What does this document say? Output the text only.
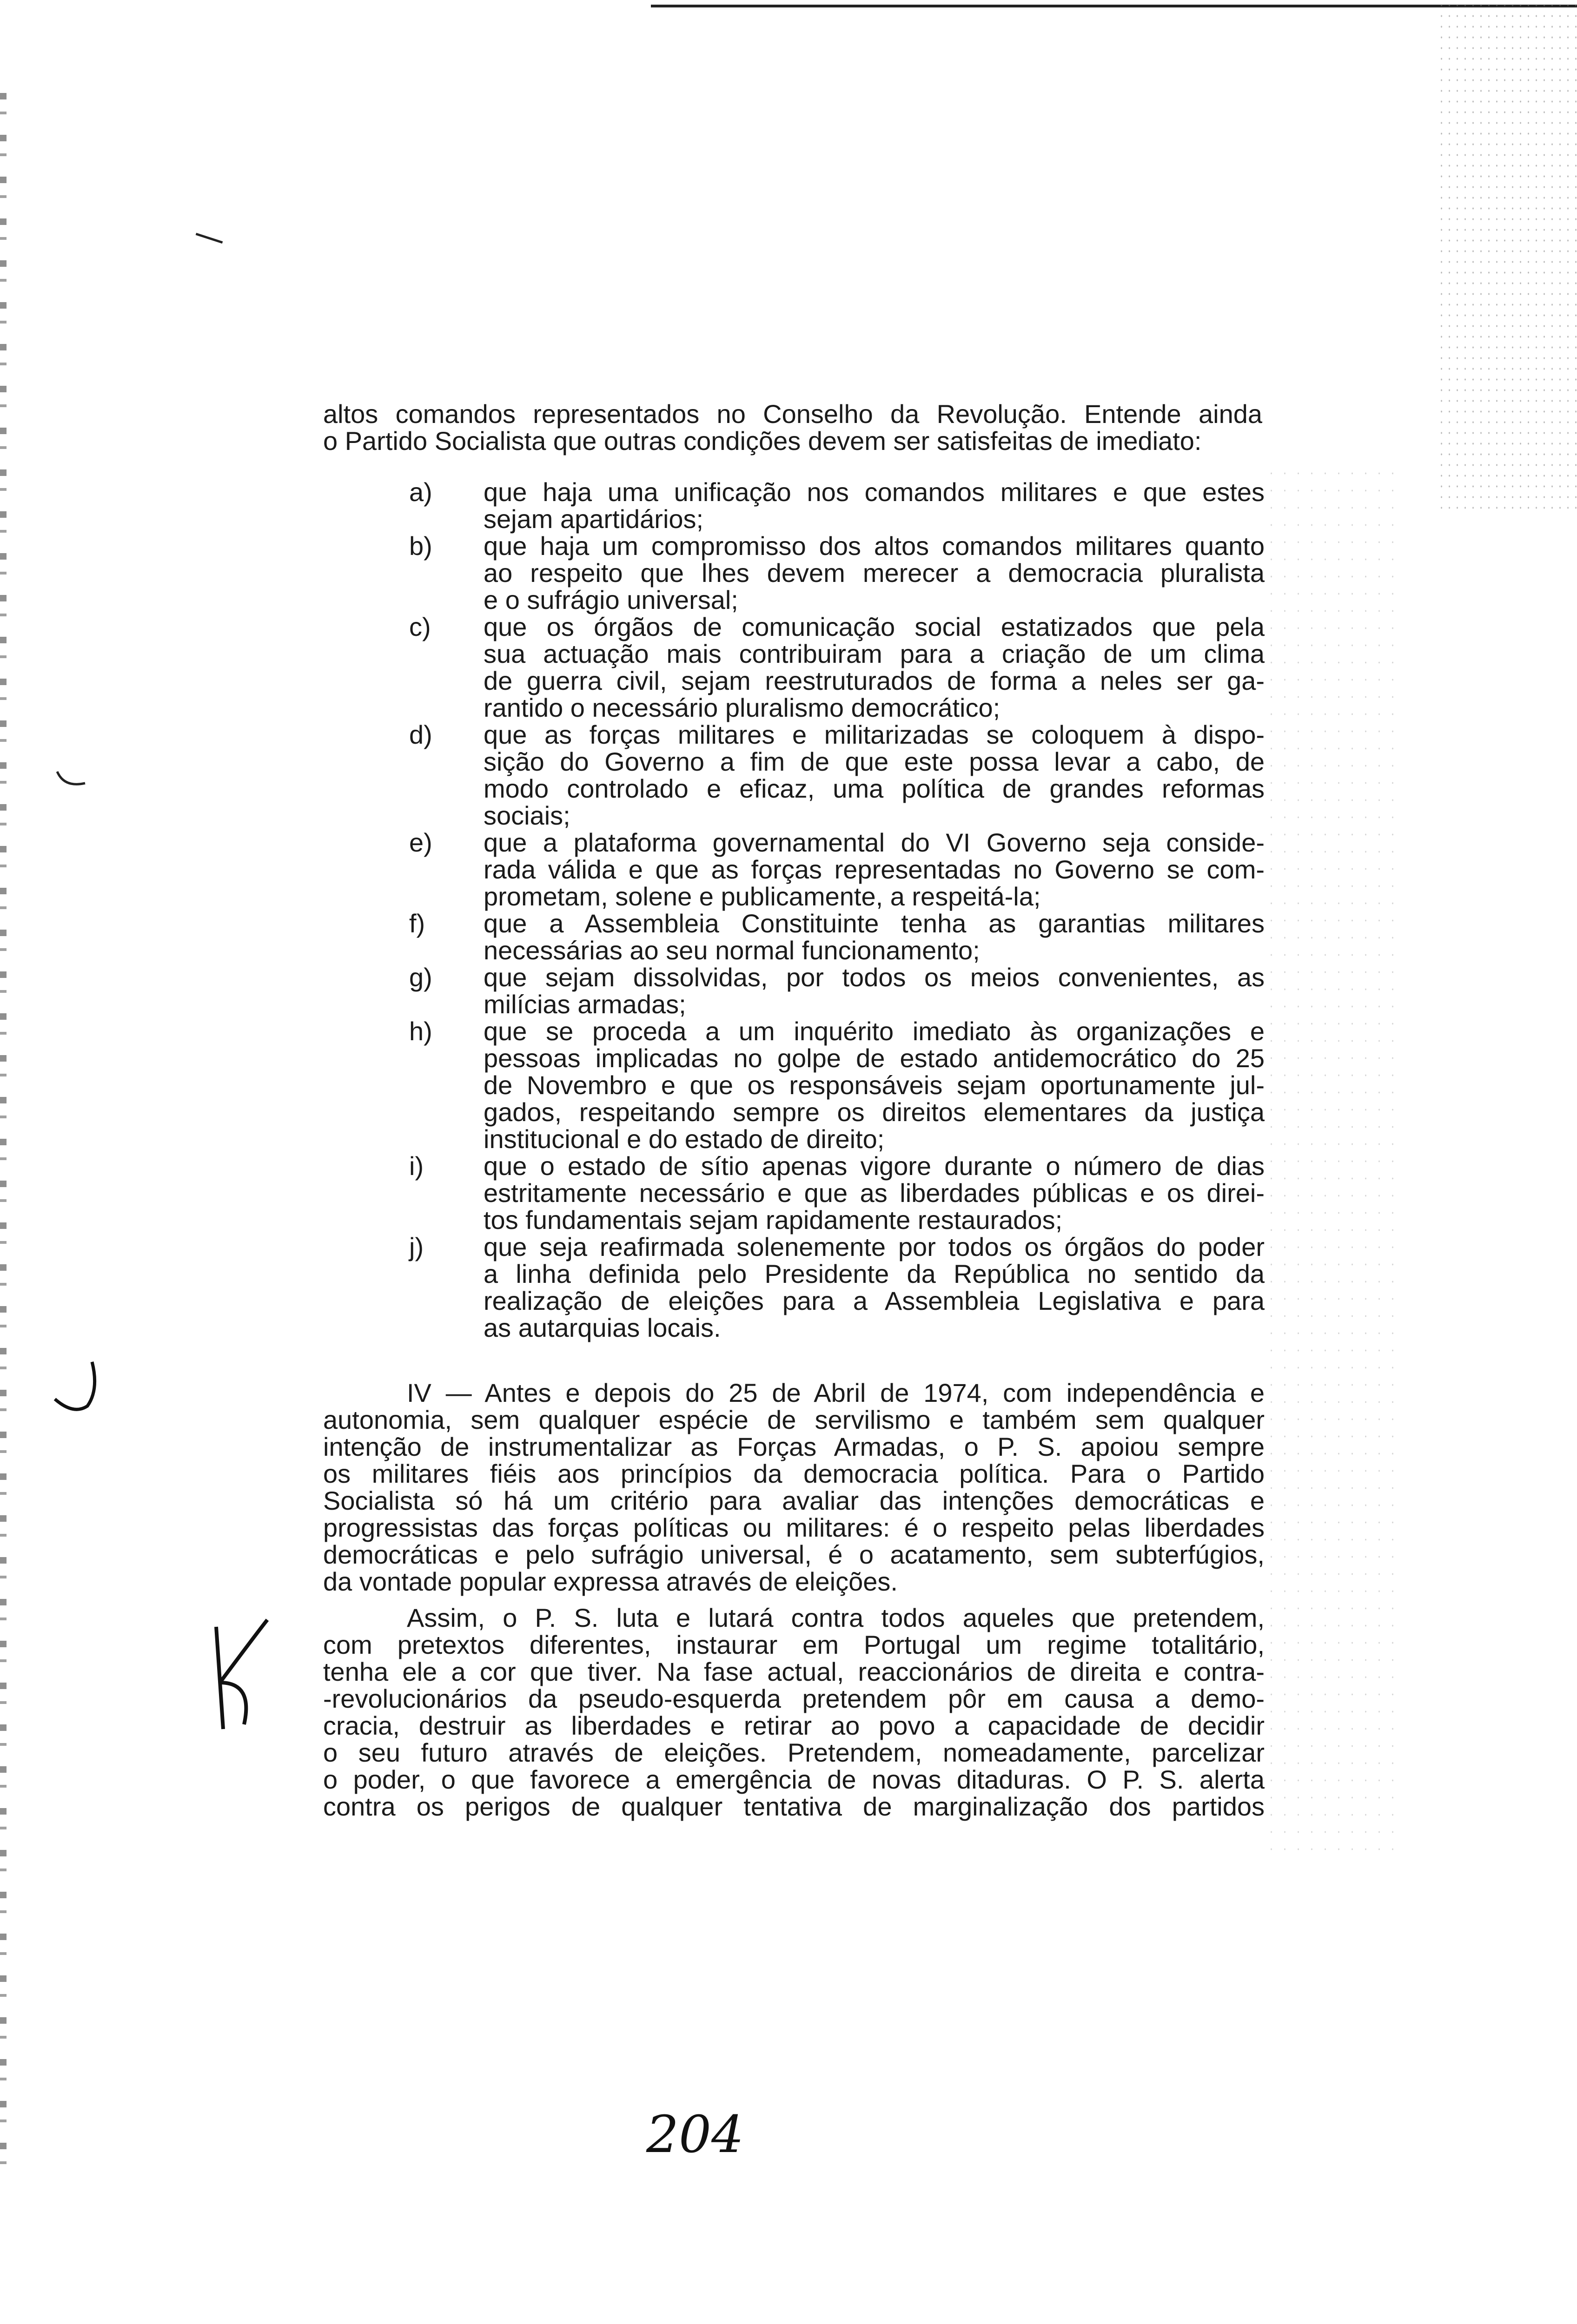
altos comandos representados no Conselho da Revolução. Entende ainda
o Partido Socialista que outras condições devem ser satisfeitas de imediato:
a)	que haja uma unificação nos comandos militares e que estes
sejam apartidários;
b)	que haja um compromisso dos altos comandos militares quanto
ao respeito que lhes devem merecer a democracia pluralista
e o sufrágio universal;
c)	que os órgãos de comunicação social estatizados que pela
sua actuação mais contribuiram para a criação de um clima
de guerra civil, sejam reestruturados de forma a neles ser ga-
rantido o necessário pluralismo democrático;
d)	que as forças militares e militarizadas se coloquem à dispo-
sição do Governo a fim de que este possa levar a cabo, de
modo controlado e eficaz, uma política de grandes reformas
sociais;
e)	que a plataforma governamental do VI Governo seja conside-
rada válida e que as forças representadas no Governo se com-
prometam, solene e publicamente, a respeitá-la;
f)	que a Assembleia Constituinte tenha as garantias militares
necessárias ao seu normal funcionamento;
g)	que sejam dissolvidas, por todos os meios convenientes, as
milícias armadas;
h)	que se proceda a um inquérito imediato às organizações e
pessoas implicadas no golpe de estado antidemocrático do 25
de Novembro e que os responsáveis sejam oportunamente jul-
gados, respeitando sempre os direitos elementares da justiça
institucional e do estado de direito;
i)	que o estado de sítio apenas vigore durante o número de dias
estritamente necessário e que as liberdades públicas e os direi-
tos fundamentais sejam rapidamente restaurados;
j)	que seja reafirmada solenemente por todos os órgãos do poder
a linha definida pelo Presidente da República no sentido da
realização de eleições para a Assembleia Legislativa e para
as autarquias locais.
IV — Antes e depois do 25 de Abril de 1974, com independência e
autonomia, sem qualquer espécie de servilismo e também sem qualquer
intenção de instrumentalizar as Forças Armadas, o P. S. apoiou sempre
os militares fiéis aos princípios da democracia política. Para o Partido
Socialista só há um critério para avaliar das intenções democráticas e
progressistas das forças políticas ou militares: é o respeito pelas liberdades
democráticas e pelo sufrágio universal, é o acatamento, sem subterfúgios,
da vontade popular expressa através de eleições.
Assim, o P. S. luta e lutará contra todos aqueles que pretendem,
com pretextos diferentes, instaurar em Portugal um regime totalitário,
tenha ele a cor que tiver. Na fase actual, reaccionários de direita e contra-
-revolucionários da pseudo-esquerda pretendem pôr em causa a demo-
cracia, destruir as liberdades e retirar ao povo a capacidade de decidir
o seu futuro através de eleições. Pretendem, nomeadamente, parcelizar
o poder, o que favorece a emergência de novas ditaduras. O P. S. alerta
contra os perigos de qualquer tentativa de marginalização dos partidos
204
